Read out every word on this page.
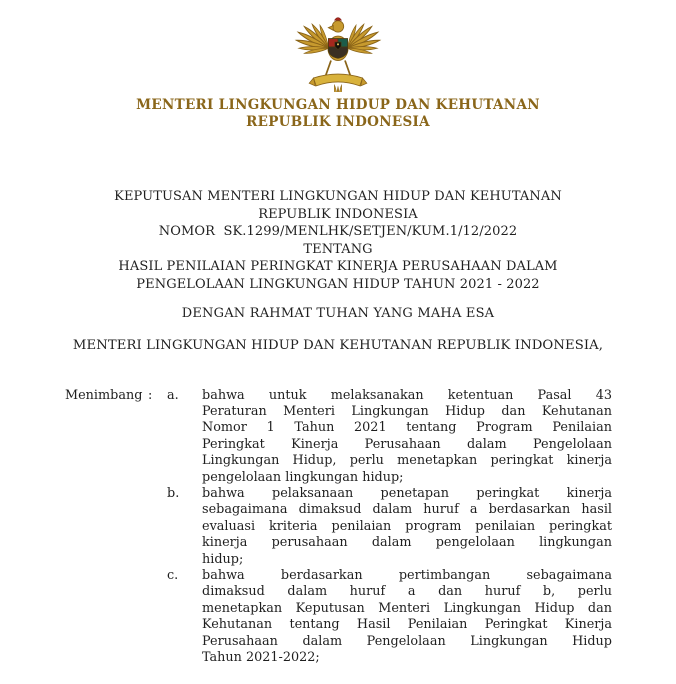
MENTERI LINGKUNGAN HIDUP DAN KEHUTANAN
REPUBLIK INDONESIA
KEPUTUSAN MENTERI LINGKUNGAN HIDUP DAN KEHUTANAN
REPUBLIK INDONESIA
NOMOR  SK.1299/MENLHK/SETJEN/KUM.1/12/2022
TENTANG
HASIL PENILAIAN PERINGKAT KINERJA PERUSAHAAN DALAM
PENGELOLAAN LINGKUNGAN HIDUP TAHUN 2021 - 2022
DENGAN RAHMAT TUHAN YANG MAHA ESA
MENTERI LINGKUNGAN HIDUP DAN KEHUTANAN REPUBLIK INDONESIA,
Menimbang :	a.	bahwa untuk melaksanakan ketentuan Pasal 43
Peraturan Menteri Lingkungan Hidup dan Kehutanan
Nomor 1 Tahun 2021 tentang Program Penilaian
Peringkat Kinerja Perusahaan dalam Pengelolaan
Lingkungan Hidup, perlu menetapkan peringkat kinerja
pengelolaan lingkungan hidup;
b.	bahwa pelaksanaan penetapan peringkat kinerja
sebagaimana dimaksud dalam huruf a berdasarkan hasil
evaluasi kriteria penilaian program penilaian peringkat
kinerja perusahaan dalam pengelolaan lingkungan
hidup;
c.	bahwa berdasarkan pertimbangan sebagaimana
dimaksud dalam huruf a dan huruf b, perlu
menetapkan Keputusan Menteri Lingkungan Hidup dan
Kehutanan tentang Hasil Penilaian Peringkat Kinerja
Perusahaan dalam Pengelolaan Lingkungan Hidup
Tahun 2021-2022;
